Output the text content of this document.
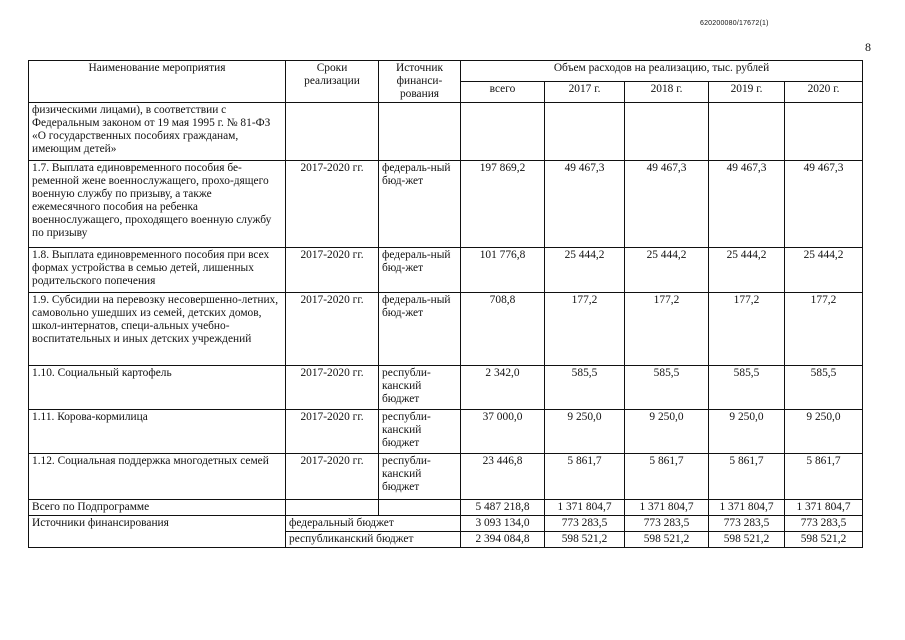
620200080/17672(1)
8
Наименование мероприятия	Сроки реализации	Источник финанси-рования	Объем расходов на реализацию, тыс. рублей				
			всего	2017 г.	2018 г.	2019 г.	2020 г.
физическими лицами), в соответствии с Федеральным законом от 19 мая 1995 г. № 81-ФЗ «О государственных пособиях гражданам, имеющим детей»							
1.7. Выплата единовременного пособия бе-ременной жене военнослужащего, прохо-дящего военную службу по призыву, а также ежемесячного пособия на ребенка военнослужащего, проходящего военную службу по призыву	2017-2020 гг.	федераль-ный бюд-жет	197 869,2	49 467,3	49 467,3	49 467,3	49 467,3
1.8. Выплата единовременного пособия при всех формах устройства в семью детей, лишенных родительского попечения	2017-2020 гг.	федераль-ный бюд-жет	101 776,8	25 444,2	25 444,2	25 444,2	25 444,2
1.9. Субсидии на перевозку несовершенно-летних, самовольно ушедших из семей, детских домов, школ-интернатов, специ-альных учебно-воспитательных и иных детских учреждений	2017-2020 гг.	федераль-ный бюд-жет	708,8	177,2	177,2	177,2	177,2
1.10. Социальный картофель	2017-2020 гг.	республи-канский бюджет	2 342,0	585,5	585,5	585,5	585,5
1.11. Корова-кормилица	2017-2020 гг.	республи-канский бюджет	37 000,0	9 250,0	9 250,0	9 250,0	9 250,0
1.12. Социальная поддержка многодетных семей	2017-2020 гг.	республи-канский бюджет	23 446,8	5 861,7	5 861,7	5 861,7	5 861,7
Всего по Подпрограмме			5 487 218,8	1 371 804,7	1 371 804,7	1 371 804,7	1 371 804,7
Источники финансирования	федеральный бюджет		3 093 134,0	773 283,5	773 283,5	773 283,5	773 283,5
	республиканский бюджет		2 394 084,8	598 521,2	598 521,2	598 521,2	598 521,2
